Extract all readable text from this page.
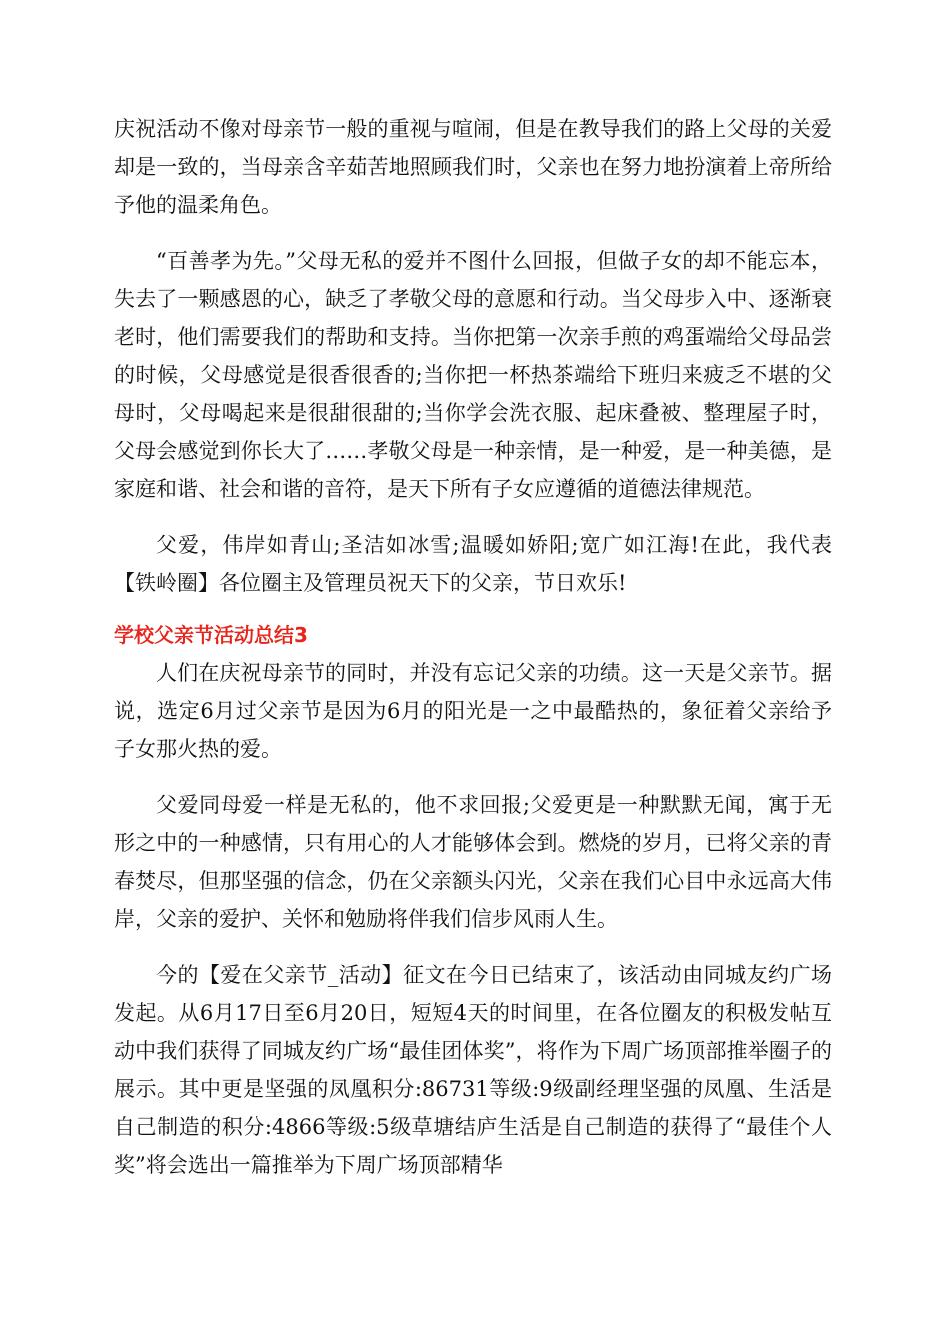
庆祝活动不像对母亲节一般的重视与喧闹，但是在教导我们的路上父母的关爱却是一致的，当母亲含辛茹苦地照顾我们时，父亲也在努力地扮演着上帝所给予他的温柔角色。

“百善孝为先。”父母无私的爱并不图什么回报，但做子女的却不能忘本，失去了一颗感恩的心，缺乏了孝敬父母的意愿和行动。当父母步入中、逐渐衰老时，他们需要我们的帮助和支持。当你把第一次亲手煎的鸡蛋端给父母品尝的时候，父母感觉是很香很香的;当你把一杯热茶端给下班归来疲乏不堪的父母时，父母喝起来是很甜很甜的;当你学会洗衣服、起床叠被、整理屋子时，父母会感觉到你长大了……孝敬父母是一种亲情，是一种爱，是一种美德，是家庭和谐、社会和谐的音符，是天下所有子女应遵循的道德法律规范。

父爱，伟岸如青山;圣洁如冰雪;温暖如娇阳;宽广如江海!在此，我代表【铁岭圈】各位圈主及管理员祝天下的父亲，节日欢乐!

学校父亲节活动总结3

人们在庆祝母亲节的同时，并没有忘记父亲的功绩。这一天是父亲节。据说，选定6月过父亲节是因为6月的阳光是一之中最酷热的，象征着父亲给予子女那火热的爱。

父爱同母爱一样是无私的，他不求回报;父爱更是一种默默无闻，寓于无形之中的一种感情，只有用心的人才能够体会到。燃烧的岁月，已将父亲的青春焚尽，但那坚强的信念，仍在父亲额头闪光，父亲在我们心目中永远高大伟岸，父亲的爱护、关怀和勉励将伴我们信步风雨人生。

今的【爱在父亲节_活动】征文在今日已结束了，该活动由同城友约广场发起。从6月17日至6月20日，短短4天的时间里，在各位圈友的积极发帖互动中我们获得了同城友约广场“最佳团体奖”，将作为下周广场顶部推举圈子的展示。其中更是坚强的凤凰积分:86731等级:9级副经理坚强的凤凰、生活是自己制造的积分:4866等级:5级草塘结庐生活是自己制造的获得了“最佳个人奖”将会选出一篇推举为下周广场顶部精华
